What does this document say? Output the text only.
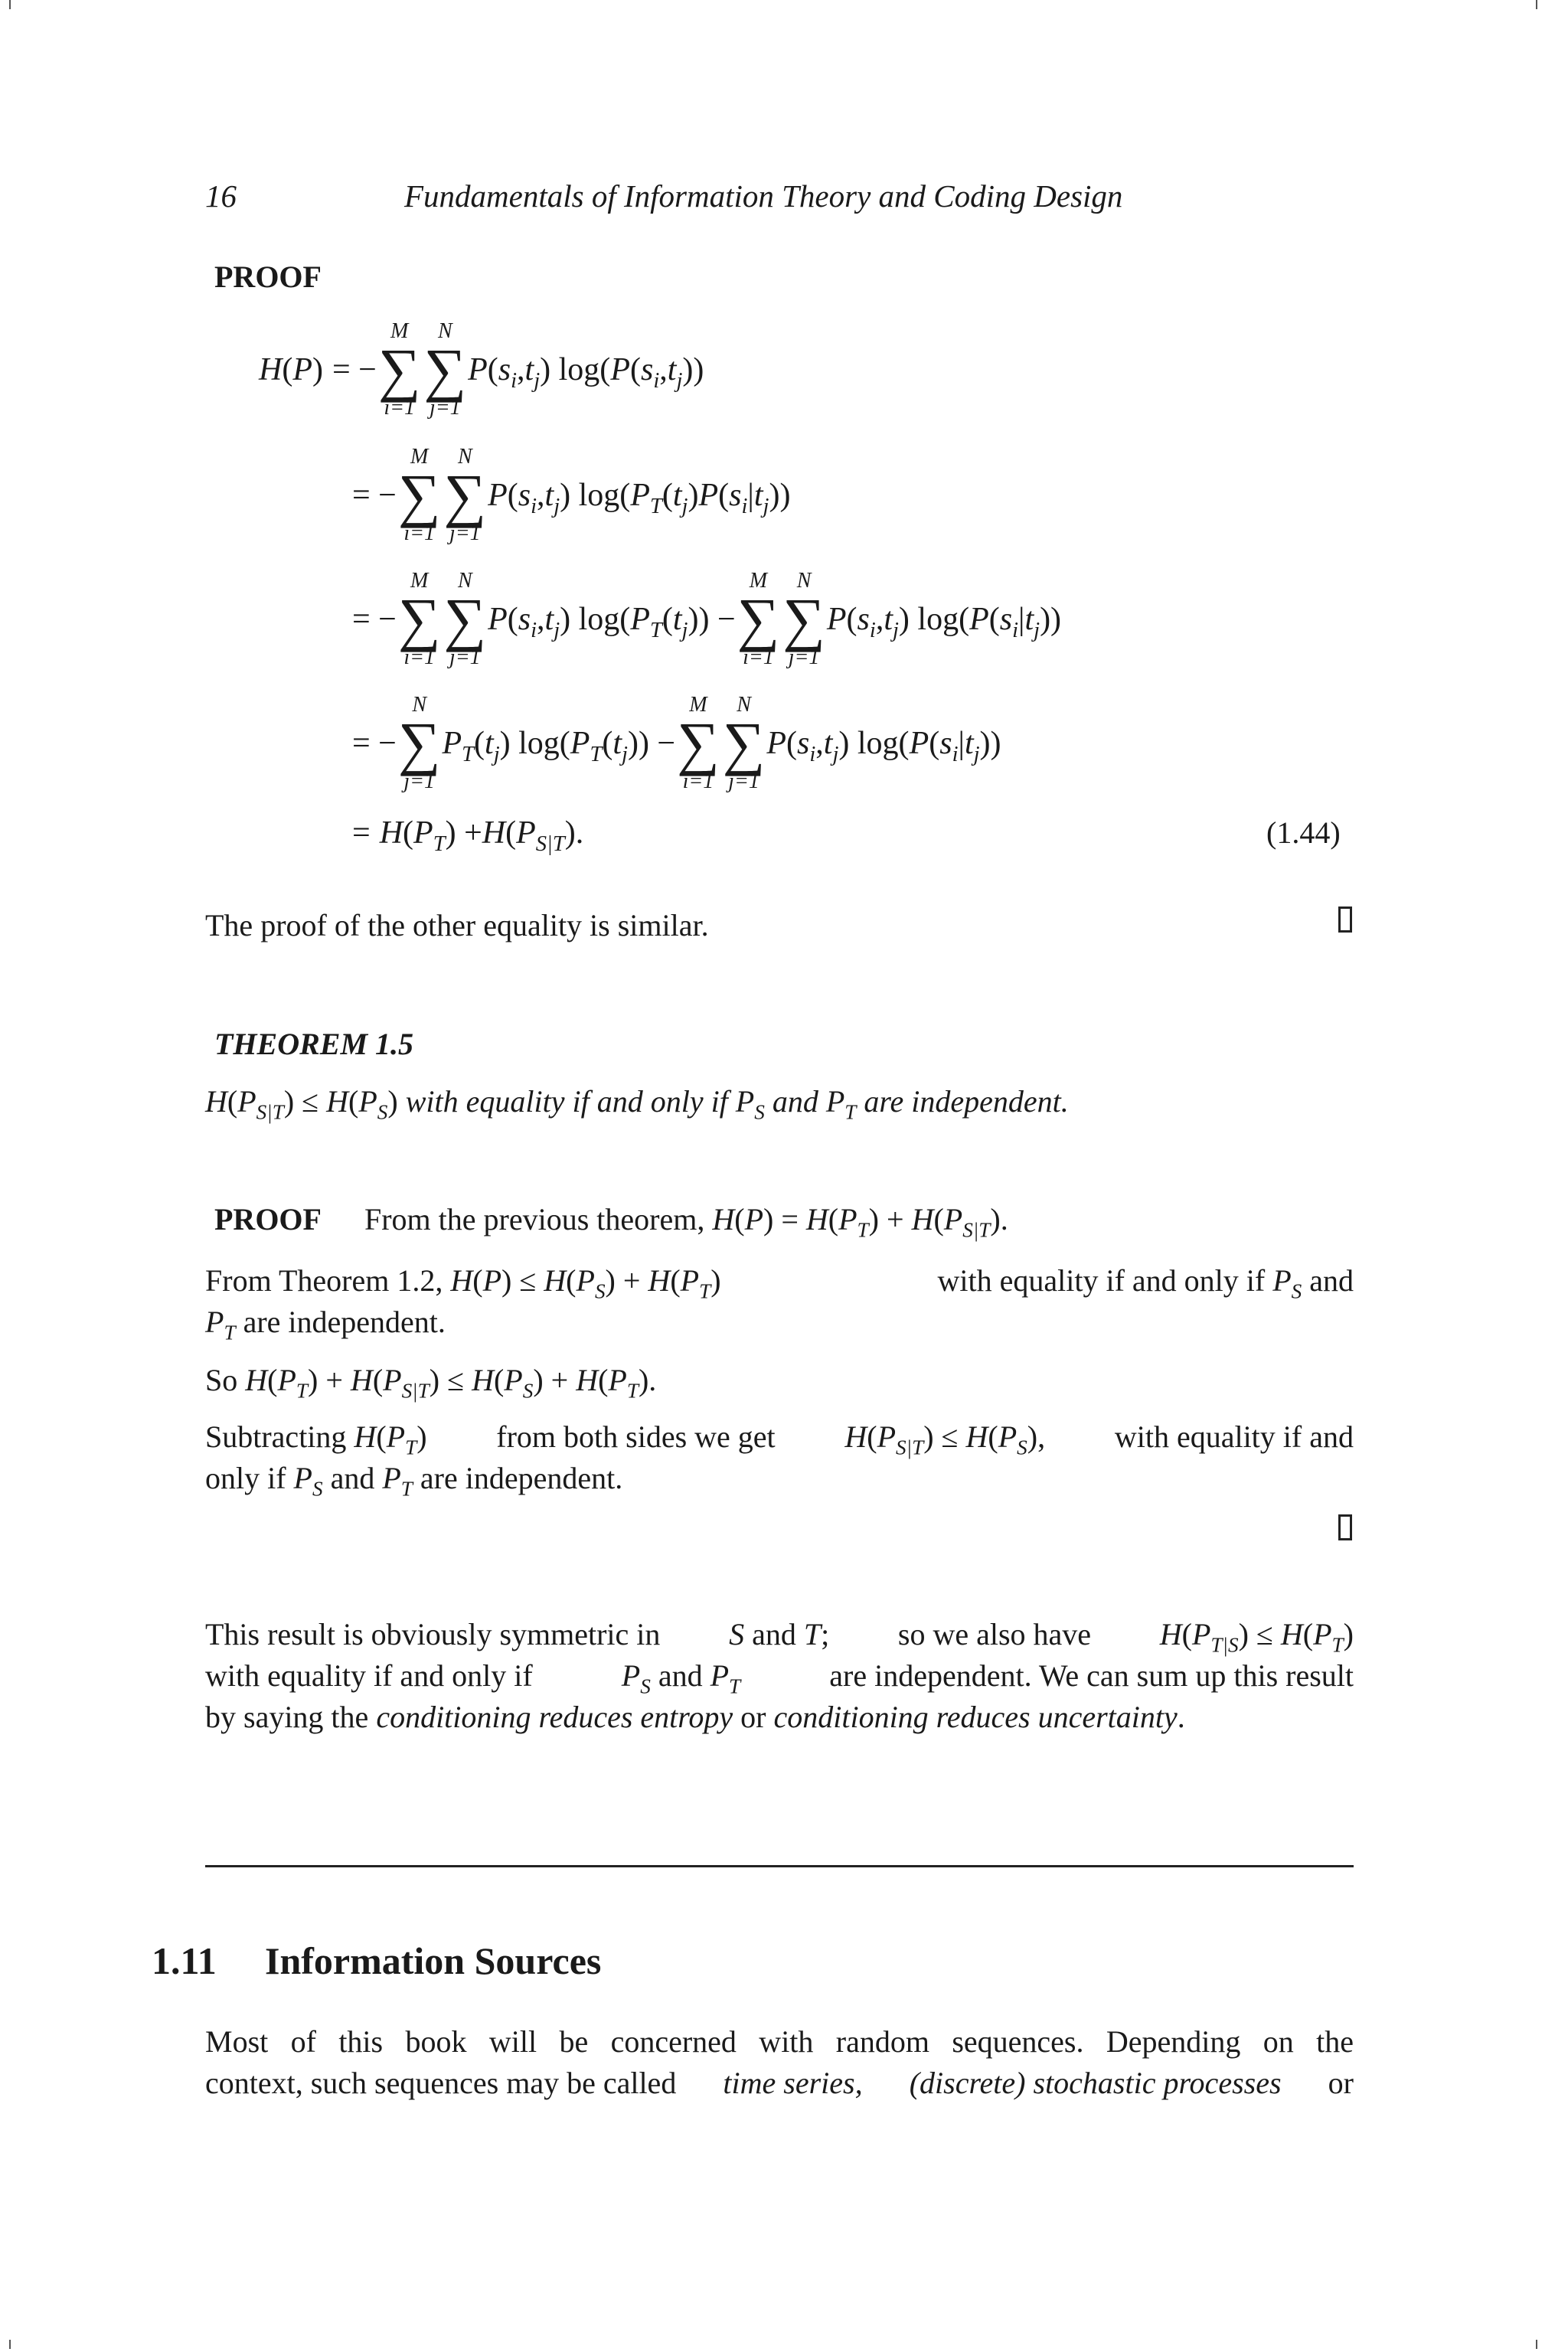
16	Fundamentals of Information Theory and Coding Design
PROOF
H ( P ) = −
M
∑
i=1
N
∑
j=1
P ( $s_i$ , $t_j$ ) log( P ( $s_i$ , $t_j$ ))
= −
M
∑
i=1
N
∑
j=1
P ( $s_i$ , $t_j$ ) log( $P_T$ ( $t_j$ ) P ( $s_i$ | $t_j$ ))
= −
M
∑
i=1
N
∑
j=1
P ( $s_i$ , $t_j$ ) log( $P_T$ ( $t_j$ )) −
M
∑
i=1
N
∑
j=1
P ( $s_i$ , $t_j$ ) log( P ( $s_i$ | $t_j$ ))
= −
N
∑
j=1
$P_T$ ( $t_j$ ) log( $P_T$ ( $t_j$ )) −
M
∑
i=1
N
∑
j=1
P ( $s_i$ , $t_j$ ) log( P ( $s_i$ | $t_j$ ))
= H ( $P_T$ ) + H ( $P_{S|T}$ ).	(1.44)
The proof of the other equality is similar.
THEOREM 1.5
$H(P_{S|T}) \le H(P_S)$ with equality if and only if $P_S$ and $P_T$ are independent.
PROOF From the previous theorem, $H(P) = H(P_T) + H(P_{S|T})$.
From Theorem 1.2, $H(P) \le H(P_S) + H(P_T)$	with equality if and only if $P_S$ and
$P_T$ are independent.
So $H(P_T) + H(P_{S|T}) \le H(P_S) + H(P_T)$.
Subtracting $H(P_T)$ from both sides we get $H(P_{S|T}) \le H(P_S)$, with equality if and
only if $P_S$ and $P_T$ are independent.
This result is obviously symmetric in S and T; so we also have $H(P_{T|S}) \le H(P_T)$
with equality if and only if	$P_S$ and $P_T$	are independent. We can sum up this result
by saying the conditioning reduces entropy or conditioning reduces uncertainty.
1.11 Information Sources
Most of this book will be concerned with random sequences. Depending on the
context, such sequences may be called time series, (discrete) stochastic processes or
